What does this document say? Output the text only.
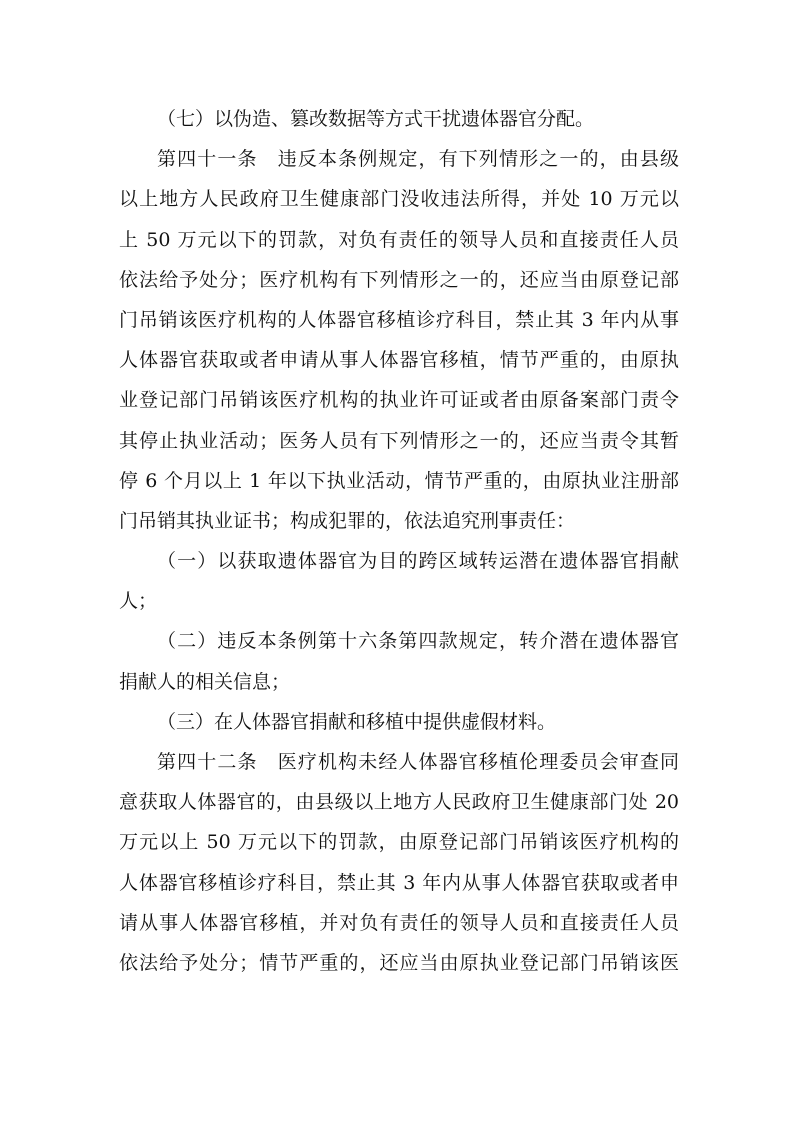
（七）以伪造、篡改数据等方式干扰遗体器官分配。
第四十一条　违反本条例规定，有下列情形之一的，由县级
以上地方人民政府卫生健康部门没收违法所得，并处 10 万元以
上 50 万元以下的罚款，对负有责任的领导人员和直接责任人员
依法给予处分；医疗机构有下列情形之一的，还应当由原登记部
门吊销该医疗机构的人体器官移植诊疗科目，禁止其 3 年内从事
人体器官获取或者申请从事人体器官移植，情节严重的，由原执
业登记部门吊销该医疗机构的执业许可证或者由原备案部门责令
其停止执业活动；医务人员有下列情形之一的，还应当责令其暂
停 6 个月以上 1 年以下执业活动，情节严重的，由原执业注册部
门吊销其执业证书；构成犯罪的，依法追究刑事责任：
（一）以获取遗体器官为目的跨区域转运潜在遗体器官捐献
人；
（二）违反本条例第十六条第四款规定，转介潜在遗体器官
捐献人的相关信息；
（三）在人体器官捐献和移植中提供虚假材料。
第四十二条　医疗机构未经人体器官移植伦理委员会审查同
意获取人体器官的，由县级以上地方人民政府卫生健康部门处 20
万元以上 50 万元以下的罚款，由原登记部门吊销该医疗机构的
人体器官移植诊疗科目，禁止其 3 年内从事人体器官获取或者申
请从事人体器官移植，并对负有责任的领导人员和直接责任人员
依法给予处分；情节严重的，还应当由原执业登记部门吊销该医
